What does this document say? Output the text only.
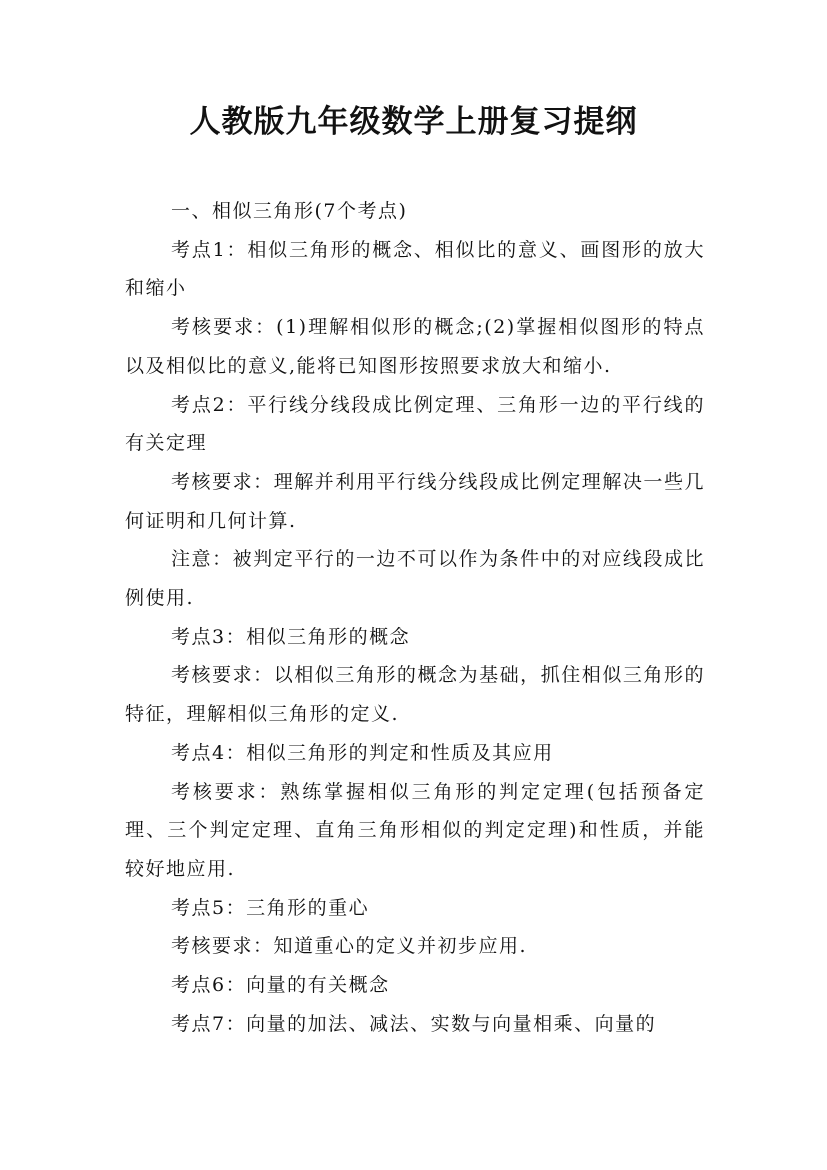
人教版九年级数学上册复习提纲

一、相似三角形(7个考点)

考点1：相似三角形的概念、相似比的意义、画图形的放大和缩小

考核要求：(1)理解相似形的概念;(2)掌握相似图形的特点以及相似比的意义,能将已知图形按照要求放大和缩小.

考点2：平行线分线段成比例定理、三角形一边的平行线的有关定理

考核要求：理解并利用平行线分线段成比例定理解决一些几何证明和几何计算.

注意：被判定平行的一边不可以作为条件中的对应线段成比例使用.

考点3：相似三角形的概念

考核要求：以相似三角形的概念为基础，抓住相似三角形的特征，理解相似三角形的定义.

考点4：相似三角形的判定和性质及其应用

考核要求：熟练掌握相似三角形的判定定理(包括预备定理、三个判定定理、直角三角形相似的判定定理)和性质，并能较好地应用.

考点5：三角形的重心

考核要求：知道重心的定义并初步应用.

考点6：向量的有关概念

考点7：向量的加法、减法、实数与向量相乘、向量的
